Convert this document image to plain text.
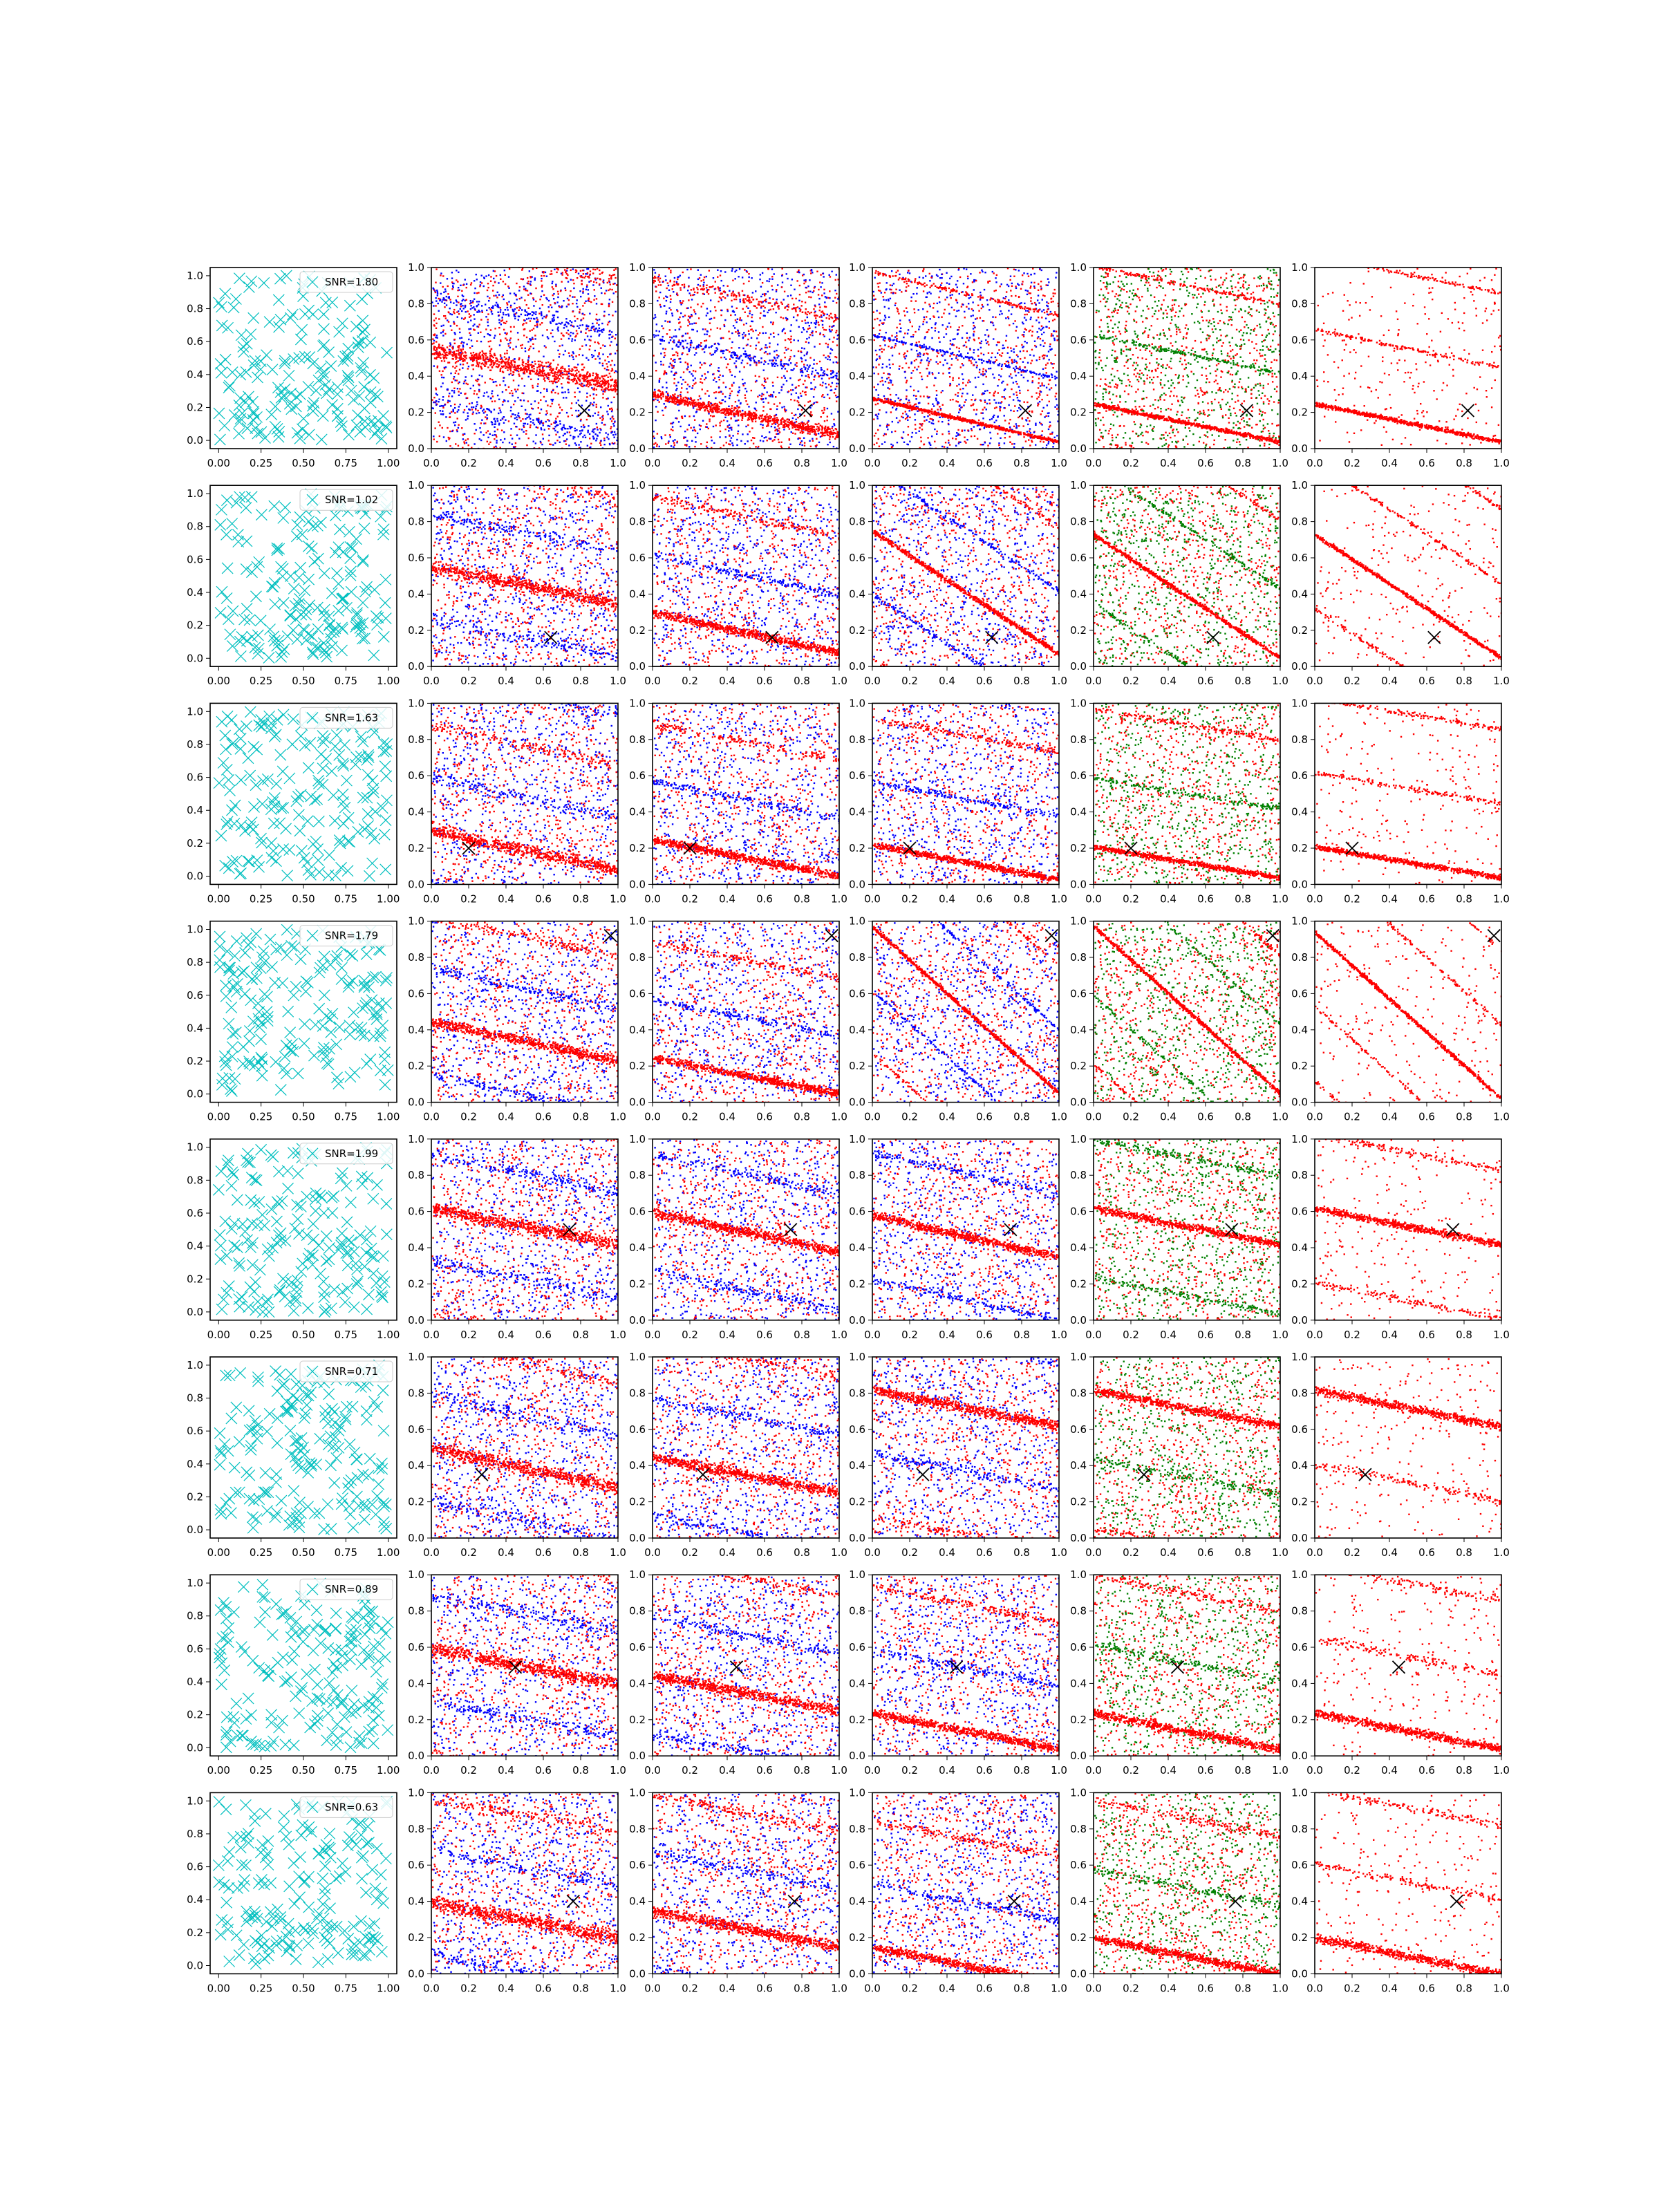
SNR=1.80
0.00 0.25 0.50 0.75 1.00
0.0
0.2
0.4
0.6
0.8
1.0
0.0 0.2 0.4 0.6 0.8 1.0
0.0
0.2
0.4
0.6
0.8
1.0
0.0 0.2 0.4 0.6 0.8 1.0
0.0
0.2
0.4
0.6
0.8
1.0
0.0 0.2 0.4 0.6 0.8 1.0
0.0
0.2
0.4
0.6
0.8
1.0
0.0 0.2 0.4 0.6 0.8 1.0
0.0
0.2
0.4
0.6
0.8
1.0
0.0 0.2 0.4 0.6 0.8 1.0
0.0
0.2
0.4
0.6
0.8
1.0
SNR=1.02
0.00 0.25 0.50 0.75 1.00
0.0
0.2
0.4
0.6
0.8
1.0
0.0 0.2 0.4 0.6 0.8 1.0
0.0
0.2
0.4
0.6
0.8
1.0
0.0 0.2 0.4 0.6 0.8 1.0
0.0
0.2
0.4
0.6
0.8
1.0
0.0 0.2 0.4 0.6 0.8 1.0
0.0
0.2
0.4
0.6
0.8
1.0
0.0 0.2 0.4 0.6 0.8 1.0
0.0
0.2
0.4
0.6
0.8
1.0
0.0 0.2 0.4 0.6 0.8 1.0
0.0
0.2
0.4
0.6
0.8
1.0
SNR=1.63
0.00 0.25 0.50 0.75 1.00
0.0
0.2
0.4
0.6
0.8
1.0
0.0 0.2 0.4 0.6 0.8 1.0
0.0
0.2
0.4
0.6
0.8
1.0
0.0 0.2 0.4 0.6 0.8 1.0
0.0
0.2
0.4
0.6
0.8
1.0
0.0 0.2 0.4 0.6 0.8 1.0
0.0
0.2
0.4
0.6
0.8
1.0
0.0 0.2 0.4 0.6 0.8 1.0
0.0
0.2
0.4
0.6
0.8
1.0
0.0 0.2 0.4 0.6 0.8 1.0
0.0
0.2
0.4
0.6
0.8
1.0
SNR=1.79
0.00 0.25 0.50 0.75 1.00
0.0
0.2
0.4
0.6
0.8
1.0
0.0 0.2 0.4 0.6 0.8 1.0
0.0
0.2
0.4
0.6
0.8
1.0
0.0 0.2 0.4 0.6 0.8 1.0
0.0
0.2
0.4
0.6
0.8
1.0
0.0 0.2 0.4 0.6 0.8 1.0
0.0
0.2
0.4
0.6
0.8
1.0
0.0 0.2 0.4 0.6 0.8 1.0
0.0
0.2
0.4
0.6
0.8
1.0
0.0 0.2 0.4 0.6 0.8 1.0
0.0
0.2
0.4
0.6
0.8
1.0
SNR=1.99
0.00 0.25 0.50 0.75 1.00
0.0
0.2
0.4
0.6
0.8
1.0
0.0 0.2 0.4 0.6 0.8 1.0
0.0
0.2
0.4
0.6
0.8
1.0
0.0 0.2 0.4 0.6 0.8 1.0
0.0
0.2
0.4
0.6
0.8
1.0
0.0 0.2 0.4 0.6 0.8 1.0
0.0
0.2
0.4
0.6
0.8
1.0
0.0 0.2 0.4 0.6 0.8 1.0
0.0
0.2
0.4
0.6
0.8
1.0
0.0 0.2 0.4 0.6 0.8 1.0
0.0
0.2
0.4
0.6
0.8
1.0
SNR=0.71
0.00 0.25 0.50 0.75 1.00
0.0
0.2
0.4
0.6
0.8
1.0
0.0 0.2 0.4 0.6 0.8 1.0
0.0
0.2
0.4
0.6
0.8
1.0
0.0 0.2 0.4 0.6 0.8 1.0
0.0
0.2
0.4
0.6
0.8
1.0
0.0 0.2 0.4 0.6 0.8 1.0
0.0
0.2
0.4
0.6
0.8
1.0
0.0 0.2 0.4 0.6 0.8 1.0
0.0
0.2
0.4
0.6
0.8
1.0
0.0 0.2 0.4 0.6 0.8 1.0
0.0
0.2
0.4
0.6
0.8
1.0
SNR=0.89
0.00 0.25 0.50 0.75 1.00
0.0
0.2
0.4
0.6
0.8
1.0
0.0 0.2 0.4 0.6 0.8 1.0
0.0
0.2
0.4
0.6
0.8
1.0
0.0 0.2 0.4 0.6 0.8 1.0
0.0
0.2
0.4
0.6
0.8
1.0
0.0 0.2 0.4 0.6 0.8 1.0
0.0
0.2
0.4
0.6
0.8
1.0
0.0 0.2 0.4 0.6 0.8 1.0
0.0
0.2
0.4
0.6
0.8
1.0
0.0 0.2 0.4 0.6 0.8 1.0
0.0
0.2
0.4
0.6
0.8
1.0
SNR=0.63
0.00 0.25 0.50 0.75 1.00
0.0
0.2
0.4
0.6
0.8
1.0
0.0 0.2 0.4 0.6 0.8 1.0
0.0
0.2
0.4
0.6
0.8
1.0
0.0 0.2 0.4 0.6 0.8 1.0
0.0
0.2
0.4
0.6
0.8
1.0
0.0 0.2 0.4 0.6 0.8 1.0
0.0
0.2
0.4
0.6
0.8
1.0
0.0 0.2 0.4 0.6 0.8 1.0
0.0
0.2
0.4
0.6
0.8
1.0
0.0 0.2 0.4 0.6 0.8 1.0
0.0
0.2
0.4
0.6
0.8
1.0
